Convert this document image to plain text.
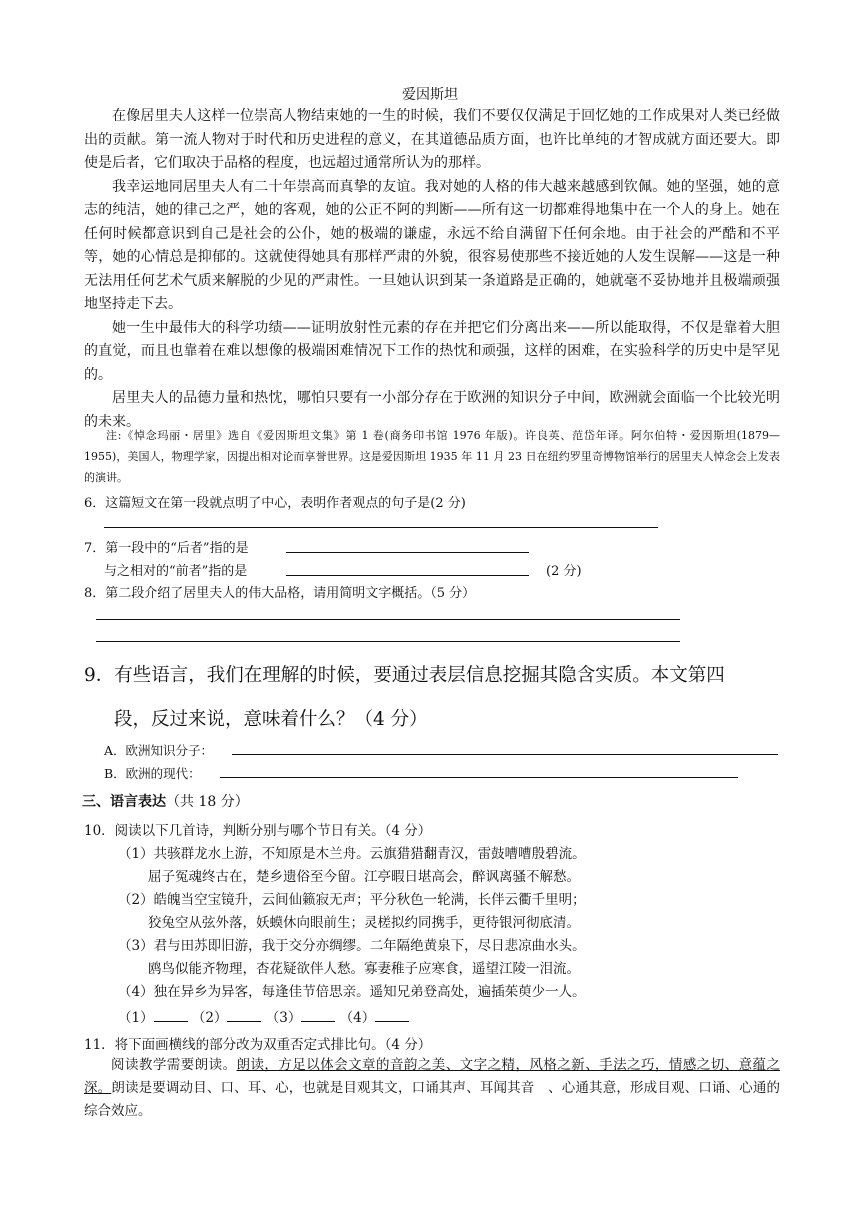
爱因斯坦

在像居里夫人这样一位崇高人物结束她的一生的时候，我们不要仅仅满足于回忆她的工作成果对人类已经做出的贡献。第一流人物对于时代和历史进程的意义，在其道德品质方面，也许比单纯的才智成就方面还要大。即使是后者，它们取决于品格的程度，也远超过通常所认为的那样。

我幸运地同居里夫人有二十年崇高而真挚的友谊。我对她的人格的伟大越来越感到钦佩。她的坚强，她的意志的纯洁，她的律己之严，她的客观，她的公正不阿的判断——所有这一切都难得地集中在一个人的身上。她在任何时候都意识到自己是社会的公仆，她的极端的谦虚，永远不给自满留下任何余地。由于社会的严酷和不平等，她的心情总是抑郁的。这就使得她具有那样严肃的外貌，很容易使那些不接近她的人发生误解——这是一种无法用任何艺术气质来解脱的少见的严肃性。一旦她认识到某一条道路是正确的，她就毫不妥协地并且极端顽强地坚持走下去。

她一生中最伟大的科学功绩——证明放射性元素的存在并把它们分离出来——所以能取得，不仅是靠着大胆的直觉，而且也靠着在难以想像的极端困难情况下工作的热忱和顽强，这样的困难，在实验科学的历史中是罕见的。

居里夫人的品德力量和热忱，哪怕只要有一小部分存在于欧洲的知识分子中间，欧洲就会面临一个比较光明的未来。

注:《悼念玛丽・居里》选自《爱因斯坦文集》第 1 卷(商务印书馆 1976 年版)。许良英、范岱年译。阿尔伯特・爱因斯坦(1879—1955)，美国人，物理学家，因提出相对论而享誉世界。这是爱因斯坦 1935 年 11 月 23 日在纽约罗里奇博物馆举行的居里夫人悼念会上发表的演讲。

6．这篇短文在第一段就点明了中心，表明作者观点的句子是(2 分)
7．第一段中的“后者”指的是
与之相对的“前者”指的是	(2 分)
8．第二段介绍了居里夫人的伟大品格，请用简明文字概括。（5 分）
9．有些语言，我们在理解的时候，要通过表层信息挖掘其隐含实质。本文第四
段，反过来说，意味着什么？（4 分）
A．欧洲知识分子：
B．欧洲的现代：
三、语言表达（共 18 分）
10．阅读以下几首诗，判断分别与哪个节日有关。（4 分）
（1）共骇群龙水上游，不知原是木兰舟。云旗猎猎翻青汉，雷鼓嘈嘈殷碧流。
屈子冤魂终古在，楚乡遗俗至今留。江亭暇日堪高会，醉讽离骚不解愁。
（2）皓魄当空宝镜升，云间仙籁寂无声；平分秋色一轮满，长伴云衢千里明；
狡兔空从弦外落，妖蟆休向眼前生；灵槎拟约同携手，更待银河彻底清。
（3）君与田苏即旧游，我于交分亦绸缪。二年隔绝黄泉下，尽日悲凉曲水头。
鸥鸟似能齐物理，杏花疑欲伴人愁。寡妻稚子应寒食，遥望江陵一泪流。
（4）独在异乡为异客，每逢佳节倍思亲。遥知兄弟登高处，遍插茱萸少一人。
（1）	（2）	（3）	（4）
11．将下面画横线的部分改为双重否定式排比句。（4 分）

阅读教学需要朗读。朗读，方足以体会文章的音韵之美、文字之精，风格之新、手法之巧，情感之切、意蕴之深。朗读是要调动目、口、耳、心，也就是目观其文，口诵其声、耳闻其音　、心通其意，形成目观、口诵、心通的综合效应。
